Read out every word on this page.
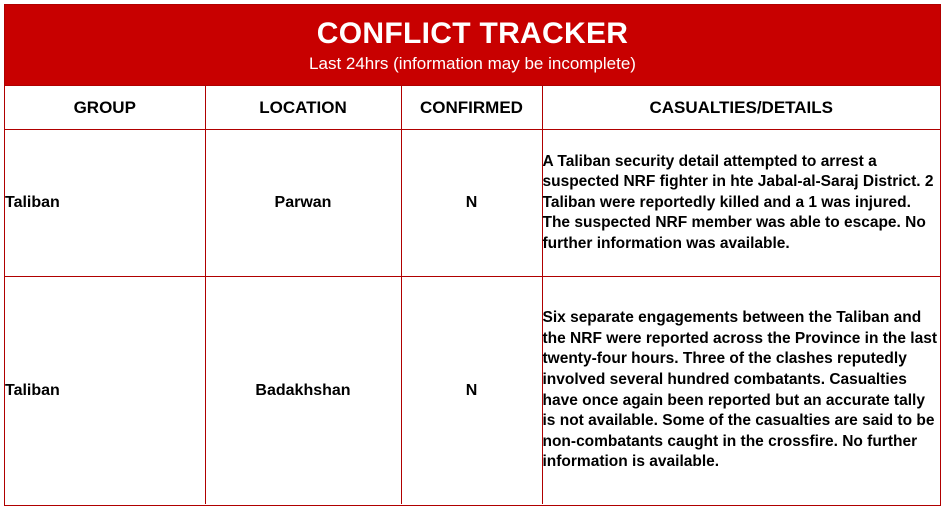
CONFLICT TRACKER
Last 24hrs (information may be incomplete)
GROUP	LOCATION	CONFIRMED	CASUALTIES/DETAILS
Taliban	Parwan	N	A Taliban security detail attempted to arrest a suspected NRF fighter in hte Jabal-al-Saraj District. 2 Taliban were reportedly killed and a 1 was injured. The suspected NRF member was able to escape. No further information was available.
Taliban	Badakhshan	N	Six separate engagements between the Taliban and the NRF were reported across the Province in the last twenty-four hours. Three of the clashes reputedly involved several hundred combatants. Casualties have once again been reported but an accurate tally is not available. Some of the casualties are said to be non-combatants caught in the crossfire. No further information is available.
